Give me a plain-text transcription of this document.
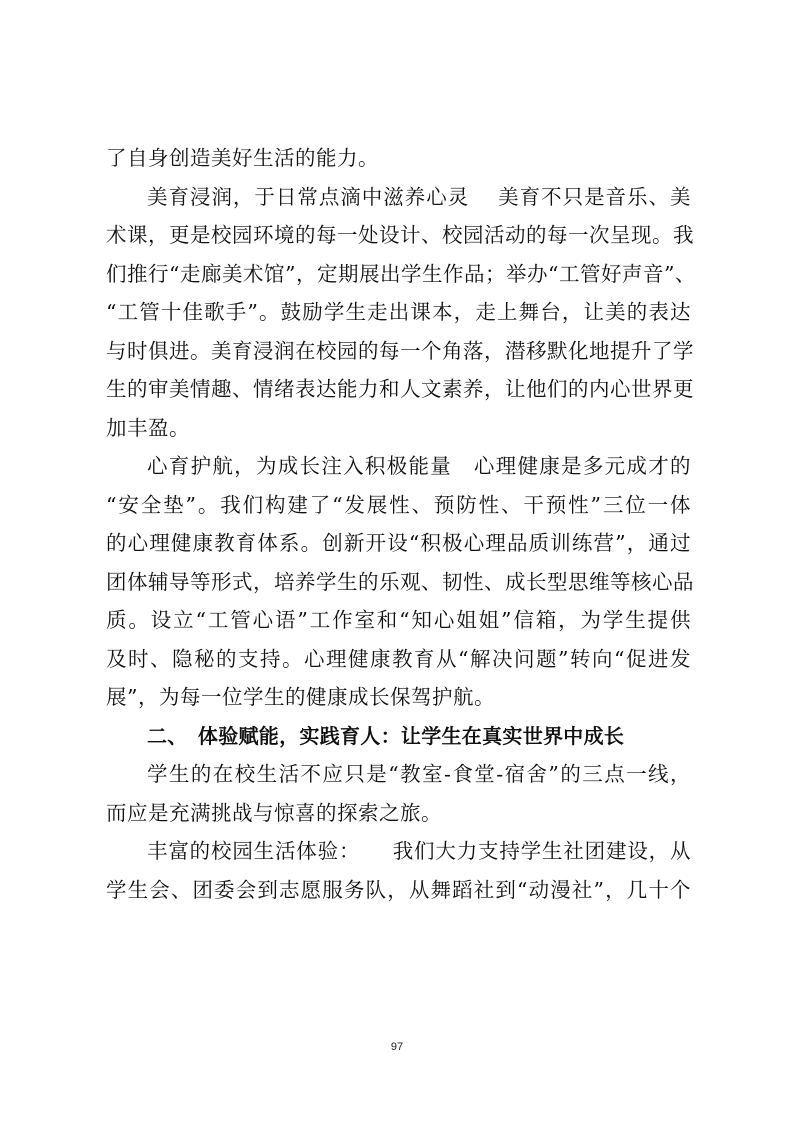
了自身创造美好生活的能力。
美育浸润，于日常点滴中滋养心灵　 美育不只是音乐、美
术课，更是校园环境的每一处设计、校园活动的每一次呈现。我
们推行“走廊美术馆”，定期展出学生作品；举办“工管好声音”、
“工管十佳歌手”。鼓励学生走出课本，走上舞台，让美的表达
与时俱进。美育浸润在校园的每一个角落，潜移默化地提升了学
生的审美情趣、情绪表达能力和人文素养，让他们的内心世界更
加丰盈。
心育护航，为成长注入积极能量　心理健康是多元成才的
“安全垫”。我们构建了“发展性、预防性、干预性”三位一体
的心理健康教育体系。创新开设“积极心理品质训练营”，通过
团体辅导等形式，培养学生的乐观、韧性、成长型思维等核心品
质。设立“工管心语”工作室和“知心姐姐”信箱，为学生提供
及时、隐秘的支持。心理健康教育从“解决问题”转向“促进发
展”，为每一位学生的健康成长保驾护航。
二、　体验赋能，实践育人：让学生在真实世界中成长
学生的在校生活不应只是“教室-食堂-宿舍”的三点一线，
而应是充满挑战与惊喜的探索之旅。
丰富的校园生活体验：　　我们大力支持学生社团建设，从
学生会、团委会到志愿服务队，从舞蹈社到“动漫社”，几十个
97
